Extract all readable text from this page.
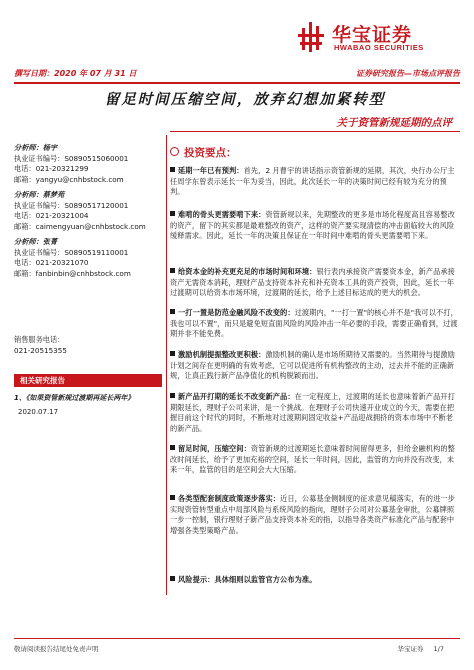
华宝证券
HWABAO SECURITIES
撰写日期：2020 年 07 月 31 日	证券研究报告—市场点评报告
留足时间压缩空间，放弃幻想加紧转型
关于资管新规延期的点评
分析师：杨宇
执业证书编号：S0890515060001
电话：021-20321299
邮箱：yangyu@cnhbstock.com
分析师：蔡梦苑
执业证书编号：S0890517120001
电话：021-20321004
邮箱：caimengyuan@cnhbstock.com
分析师：张菁
执业证书编号：S0890519110001
电话：021-20321070
邮箱：fanbinbin@cnhbstock.com
销售服务电话：
021-20515355
相关研究报告
1、《如果资管新规过渡期再延长两年》
2020.07.17
投资要点：
延期一年已有预判：首先，2 月曹宇的讲话指示资管新规的延期，其次，央行办公厅主任周学东曾表示延长一年为妥当，因此，此次延长一年的决策时间已经有较为充分的预判。
难啃的骨头更需要啃下来：资管新规以来，先期整改的更多是市场化程度高且容易整改的资产，留下的其实都是最难整改的资产，这样的资产要实现清偿的冲击面临较大的风险缓释需求。因此，延长一年的决策且保证在一年时间中难啃的骨头更需要啃下来。
给资本金的补充更充足的市场时间和环境：银行表内承接资产需要资本金，新产品承接资产无需资本消耗，理财产品支持资本补充和补充资本工具的资产投资，因此，延长一年过渡期可以给资本市场环境，过渡期的延长，给予上述目标达成的更大的机会。
一打一置是防范金融风险不改变的：过渡期内，"一打一置"的核心并不是"我可以不打，我也可以不置"，而只是避免短直面风险的风险冲击一年必要的手段，需要正确看到，过渡期并非不能免费。
激励机制提振整改更积极：激励机制的确认是市场所期待又需要的。当然期待与提激励计划之间存在更明确的有效考虑，它可以促进所有机构整改的主动，过去并不能的正确新规，让真正践行新产品净值化的机构脱颖而出。
新产品开打期的延长不改变新产品：在一定程度上，过渡期的延长也意味着新产品开打期限延长，理财子公司来讲，是一个挑战。在理财子公司快速开业成立的今天，需要在把握目前这个时代的同时，不断地对过渡期间固定收益+产品迎战拥挤的资本市场中不断老的新产品。
留足时间，压缩空间：资管新规的过渡期延长意味着时间留得更多，但给金融机构的整改时间延长，给予了更加充裕的空间，延长一年时间，因此，监管的方向并没有改变，未来一年，监管的目的是空间会大大压缩。
各类型配套制度政策逐步落实：近日，公募基金侧制度的征求意见稿落实，有的进一步实现资管转型重点中局部风险与系统风险的指向，理财子公司对公募基金审批，公募牌照一步一控制，银行理财子新产品支持资本补充的指，以指导各类资产标准化产品与配套中增强各类型策略产品。
风险提示：具体细则以监管官方公布为准。
敬请阅读报告结尾处免责声明	华宝证券 1/7
